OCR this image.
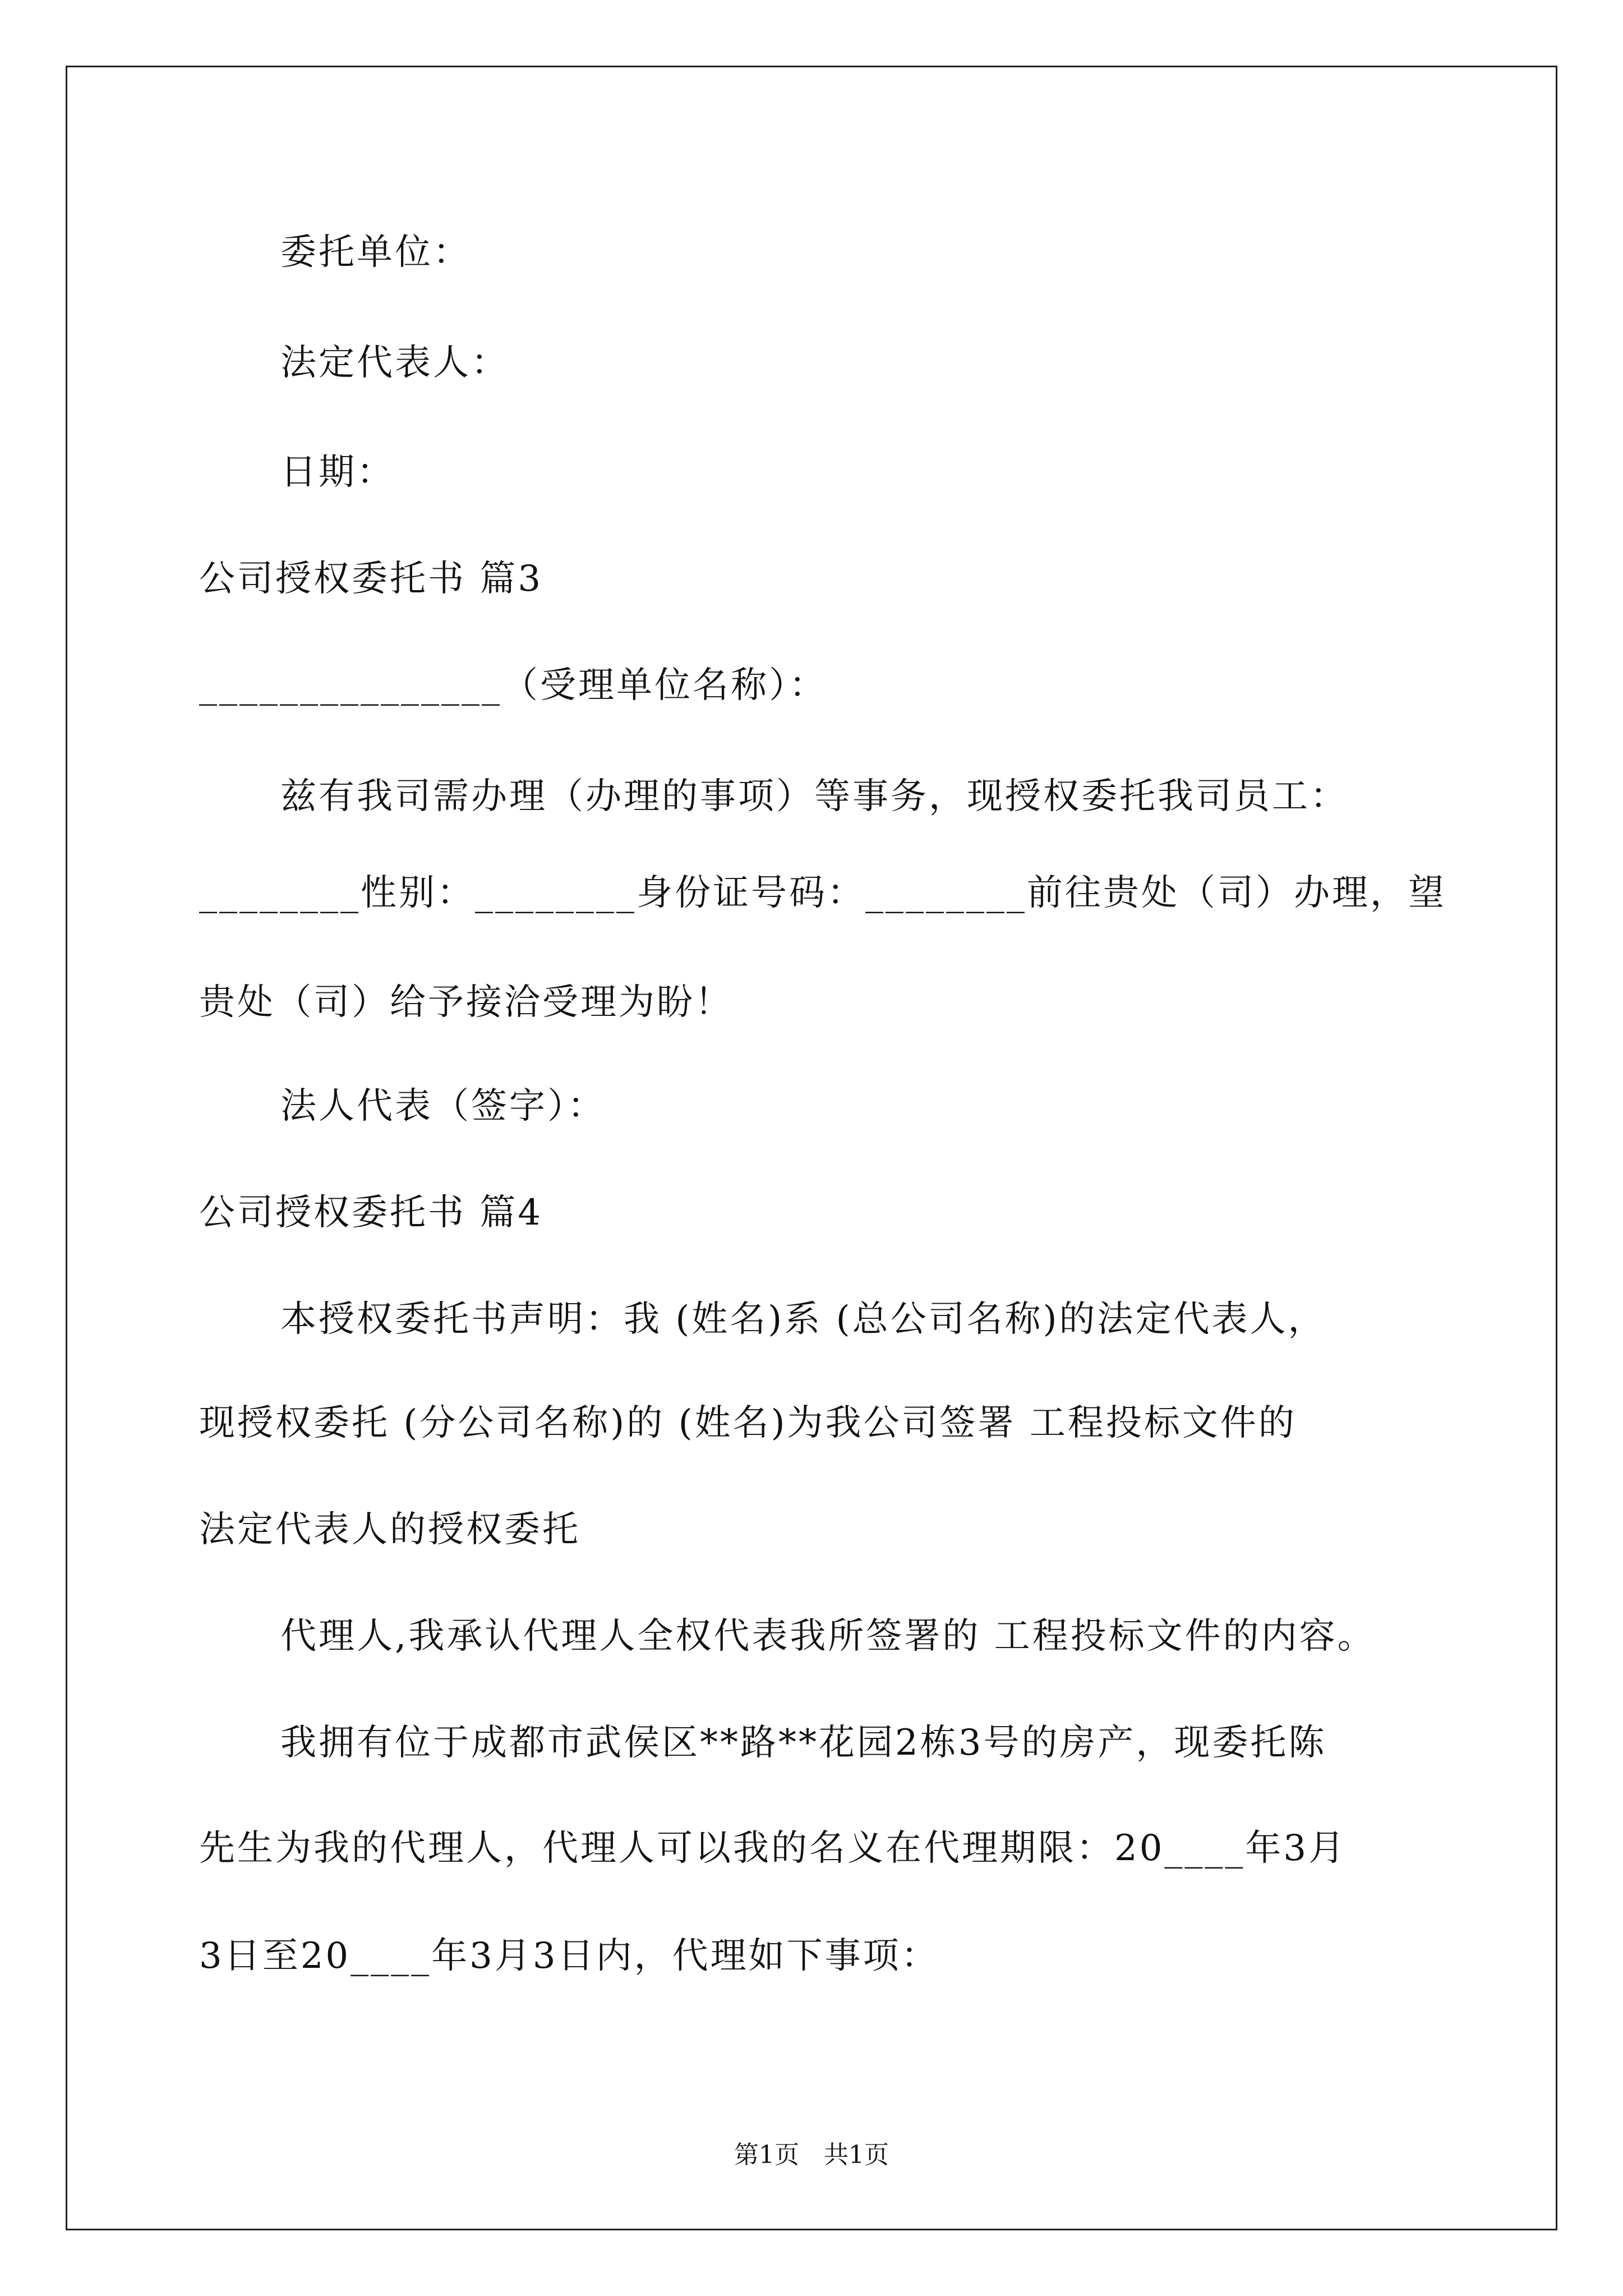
委托单位：
法定代表人：
日期：
公司授权委托书 篇3
_______________（受理单位名称）：
兹有我司需办理（办理的事项）等事务，现授权委托我司员工：
________性别：________身份证号码：________前往贵处（司）办理，望
贵处（司）给予接洽受理为盼！
法人代表（签字）：
公司授权委托书 篇4
本授权委托书声明：我 (姓名)系 (总公司名称)的法定代表人，
现授权委托 (分公司名称)的 (姓名)为我公司签署 工程投标文件的
法定代表人的授权委托
代理人,我承认代理人全权代表我所签署的 工程投标文件的内容。
我拥有位于成都市武侯区**路**花园2栋3号的房产，现委托陈
先生为我的代理人，代理人可以我的名义在代理期限：20____年3月
3日至20____年3月3日内，代理如下事项：
第1页 共1页
